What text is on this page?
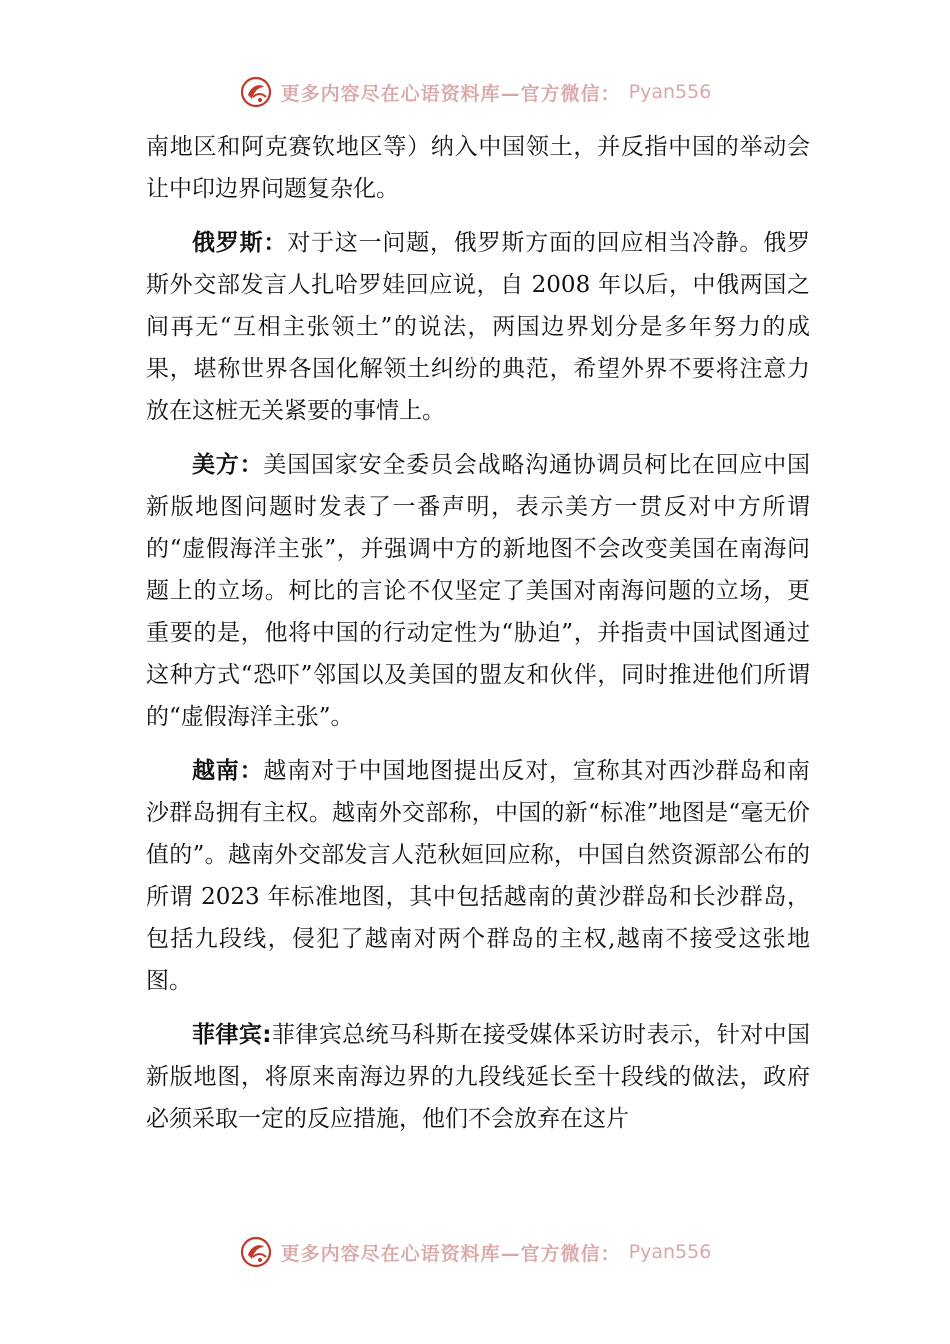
更多内容尽在心语资料库—官方微信： Pyan556

南地区和阿克赛钦地区等）纳入中国领土，并反指中国的举动会让中印边界问题复杂化。

俄罗斯：对于这一问题，俄罗斯方面的回应相当冷静。俄罗斯外交部发言人扎哈罗娃回应说，自 2008 年以后，中俄两国之间再无“互相主张领土”的说法，两国边界划分是多年努力的成果，堪称世界各国化解领土纠纷的典范，希望外界不要将注意力放在这桩无关紧要的事情上。

美方：美国国家安全委员会战略沟通协调员柯比在回应中国新版地图问题时发表了一番声明，表示美方一贯反对中方所谓的“虚假海洋主张”，并强调中方的新地图不会改变美国在南海问题上的立场。柯比的言论不仅坚定了美国对南海问题的立场，更重要的是，他将中国的行动定性为“胁迫”，并指责中国试图通过这种方式“恐吓”邻国以及美国的盟友和伙伴，同时推进他们所谓的“虚假海洋主张”。

越南：越南对于中国地图提出反对，宣称其对西沙群岛和南沙群岛拥有主权。越南外交部称，中国的新“标准”地图是“毫无价值的”。越南外交部发言人范秋姮回应称，中国自然资源部公布的所谓 2023 年标准地图，其中包括越南的黄沙群岛和长沙群岛，包括九段线，侵犯了越南对两个群岛的主权,越南不接受这张地图。

菲律宾:菲律宾总统马科斯在接受媒体采访时表示，针对中国新版地图，将原来南海边界的九段线延长至十段线的做法，政府必须采取一定的反应措施，他们不会放弃在这片

更多内容尽在心语资料库—官方微信： Pyan556
